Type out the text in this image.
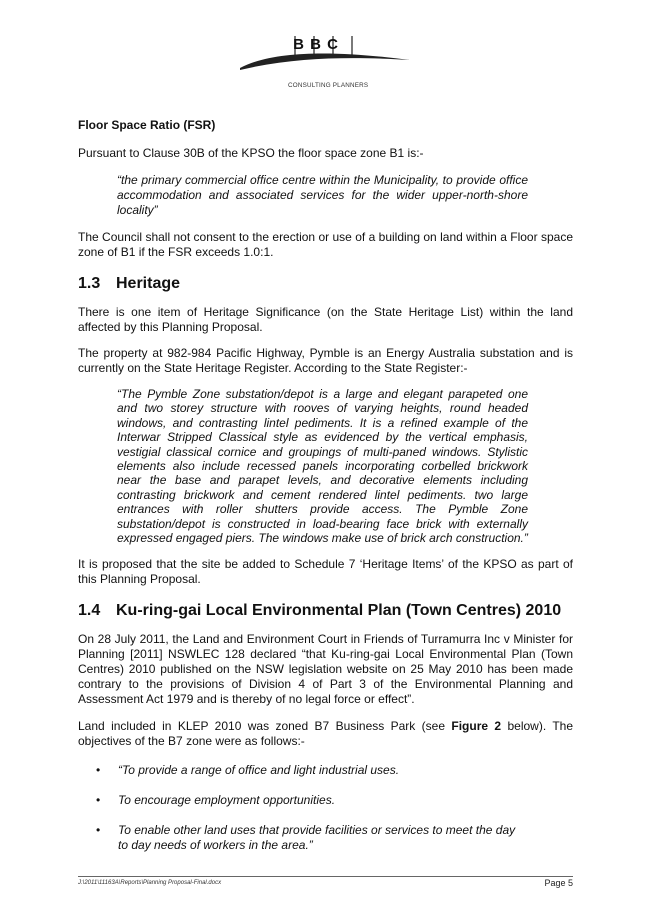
B B C
CONSULTING PLANNERS

Floor Space Ratio (FSR)

Pursuant to Clause 30B of the KPSO the floor space zone B1 is:-

“the primary commercial office centre within the Municipality, to provide office accommodation and associated services for the wider upper-north-shore locality”

The Council shall not consent to the erection or use of a building on land within a Floor space zone of B1 if the FSR exceeds 1.0:1.

1.3 Heritage

There is one item of Heritage Significance (on the State Heritage List) within the land affected by this Planning Proposal.

The property at 982-984 Pacific Highway, Pymble is an Energy Australia substation and is currently on the State Heritage Register. According to the State Register:-

“The Pymble Zone substation/depot is a large and elegant parapeted one and two storey structure with rooves of varying heights, round headed windows, and contrasting lintel pediments. It is a refined example of the Interwar Stripped Classical style as evidenced by the vertical emphasis, vestigial classical cornice and groupings of multi-paned windows. Stylistic elements also include recessed panels incorporating corbelled brickwork near the base and parapet levels, and decorative elements including contrasting brickwork and cement rendered lintel pediments. two large entrances with roller shutters provide access. The Pymble Zone substation/depot is constructed in load-bearing face brick with externally expressed engaged piers. The windows make use of brick arch construction.”

It is proposed that the site be added to Schedule 7 ‘Heritage Items’ of the KPSO as part of this Planning Proposal.

1.4 Ku-ring-gai Local Environmental Plan (Town Centres) 2010

On 28 July 2011, the Land and Environment Court in Friends of Turramurra Inc v Minister for Planning [2011] NSWLEC 128 declared “that Ku-ring-gai Local Environmental Plan (Town Centres) 2010 published on the NSW legislation website on 25 May 2010 has been made contrary to the provisions of Division 4 of Part 3 of the Environmental Planning and Assessment Act 1979 and is thereby of no legal force or effect”.

Land included in KLEP 2010 was zoned B7 Business Park (see Figure 2 below). The objectives of the B7 zone were as follows:-

• “To provide a range of office and light industrial uses.
• To encourage employment opportunities.
• To enable other land uses that provide facilities or services to meet the day to day needs of workers in the area.”
J:\2011\11163A\Reports\Planning Proposal-Final.docx	Page 5
